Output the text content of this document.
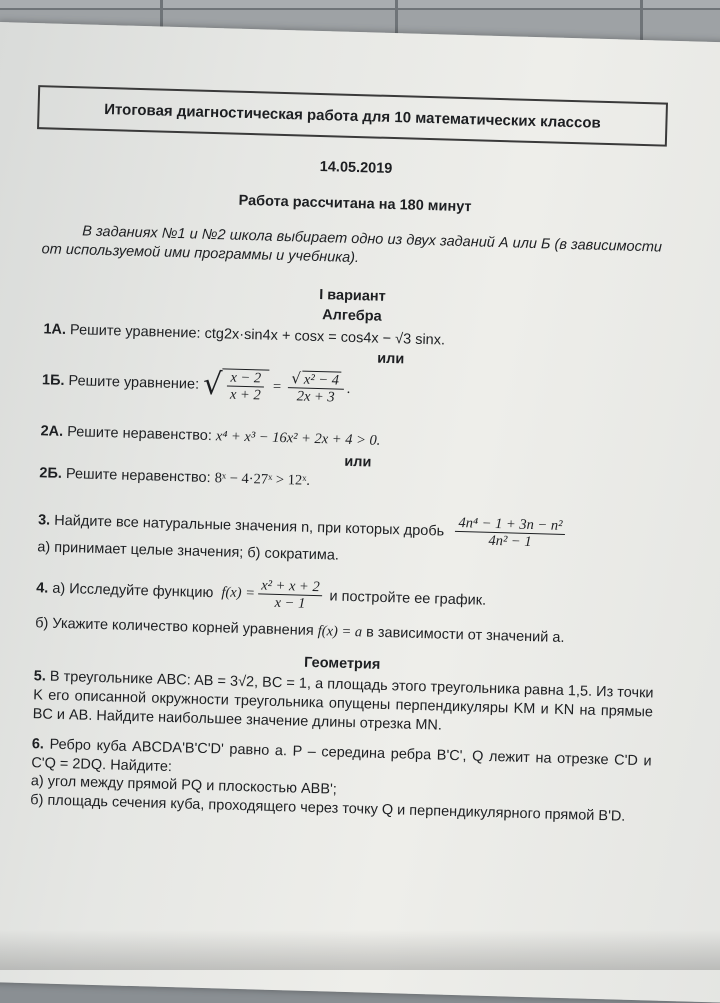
Итоговая диагностическая работа для 10 математических классов
14.05.2019
Работа рассчитана на 180 минут
В заданиях №1 и №2 школа выбирает одно из двух заданий А или Б (в зависимости от используемой ими программы и учебника).
I вариант
Алгебра
1А. Решите уравнение: ctg2x·sin4x + cosx = cos4x − √3 sinx.
или
1Б.
Решите уравнение:
√ $\frac{x - 2}{x + 2} = \frac{\text{√ x² − 4}}{2x + 3}$ .
2А. Решите неравенство: x⁴ + x³ − 16x² + 2x + 4 > 0.
или
2Б. Решите неравенство: 8ˣ − 4·27ˣ > 12ˣ.
3.
Найдите все натуральные значения n, при которых дробь
$\frac{\text{4n⁴ − 1 + 3n − n²}}{\text{4n² − 1}}$
а) принимает целые значения; б) сократима.
4.
а) Исследуйте функцию
$f(x) = \frac{\text{x² + x + 2}}{x - 1}$
и постройте ее график.
б) Укажите количество корней уравнения f(x) = a в зависимости от значений a.
Геометрия
5. В треугольнике ABC: AB = 3√2, BC = 1, а площадь этого треугольника равна 1,5. Из точки K его описанной окружности треугольника опущены перпендикуляры KM и KN на прямые BC и AB. Найдите наибольшее значение длины отрезка MN.
6. Ребро куба ABCDA'B'C'D' равно a. P – середина ребра B'C', Q лежит на отрезке C'D и C'Q = 2DQ. Найдите:
а) угол между прямой PQ и плоскостью ABB';
б) площадь сечения куба, проходящего через точку Q и перпендикулярного прямой B'D.
